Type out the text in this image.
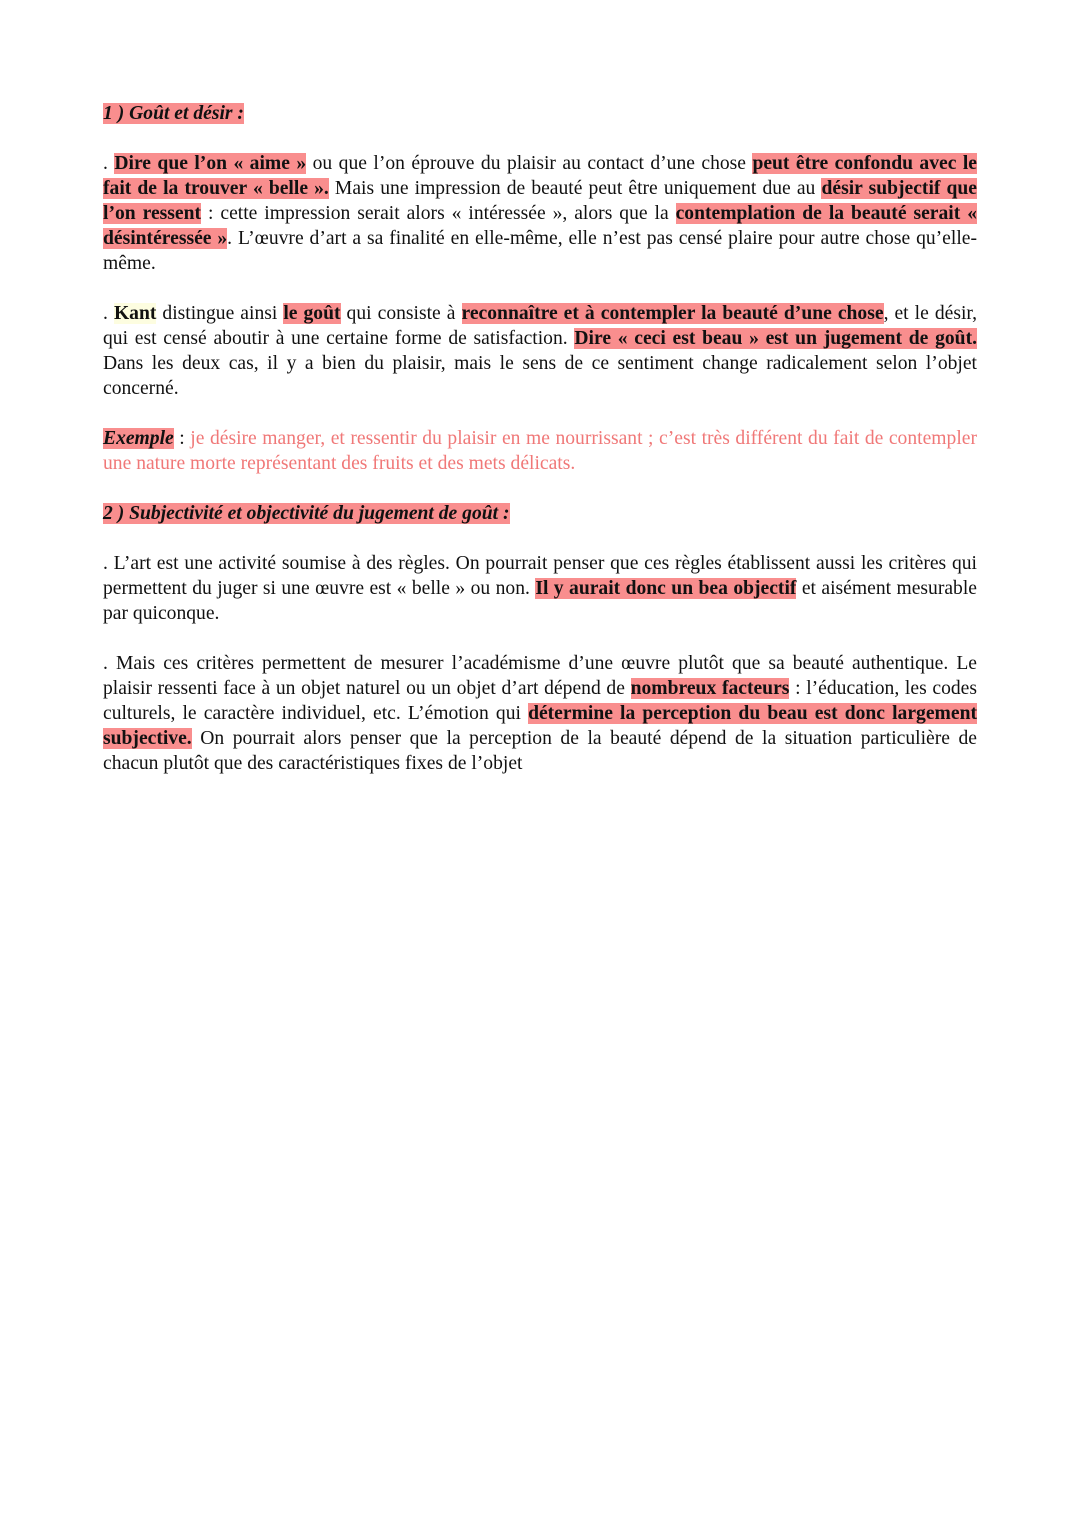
1 ) Goût et désir :

. Dire que l’on « aime » ou que l’on éprouve du plaisir au contact d’une chose peut être confondu avec le fait de la trouver « belle ». Mais une impression de beauté peut être uniquement due au désir subjectif que l’on ressent : cette impression serait alors « intéressée », alors que la contemplation de la beauté serait « désintéressée ». L’œuvre d’art a sa finalité en elle-même, elle n’est pas censé plaire pour autre chose qu’elle-même.

. Kant distingue ainsi le goût qui consiste à reconnaître et à contempler la beauté d’une chose, et le désir, qui est censé aboutir à une certaine forme de satisfaction. Dire « ceci est beau » est un jugement de goût. Dans les deux cas, il y a bien du plaisir, mais le sens de ce sentiment change radicalement selon l’objet concerné.

Exemple : je désire manger, et ressentir du plaisir en me nourrissant ; c’est très différent du fait de contempler une nature morte représentant des fruits et des mets délicats.

2 ) Subjectivité et objectivité du jugement de goût :

. L’art est une activité soumise à des règles. On pourrait penser que ces règles établissent aussi les critères qui permettent du juger si une œuvre est « belle » ou non. Il y aurait donc un bea objectif et aisément mesurable par quiconque.

. Mais ces critères permettent de mesurer l’académisme d’une œuvre plutôt que sa beauté authentique. Le plaisir ressenti face à un objet naturel ou un objet d’art dépend de nombreux facteurs : l’éducation, les codes culturels, le caractère individuel, etc. L’émotion qui détermine la perception du beau est donc largement subjective. On pourrait alors penser que la perception de la beauté dépend de la situation particulière de chacun plutôt que des caractéristiques fixes de l’objet
